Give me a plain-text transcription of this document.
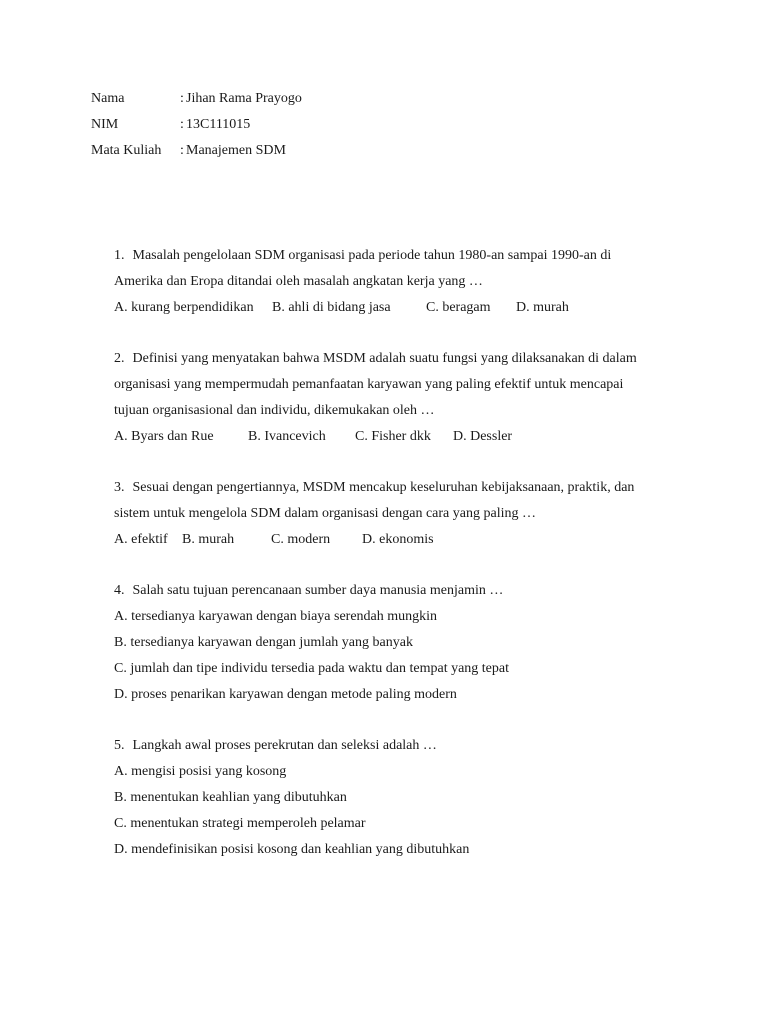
Nama	: Jihan Rama Prayogo
NIM	: 13C111015
Mata Kuliah	: Manajemen SDM
1. Masalah pengelolaan SDM organisasi pada periode tahun 1980-an sampai 1990-an di
Amerika dan Eropa ditandai oleh masalah angkatan kerja yang …
A. kurang berpendidikan B. ahli di bidang jasa	C. beragam D. murah
2. Definisi yang menyatakan bahwa MSDM adalah suatu fungsi yang dilaksanakan di dalam
organisasi yang mempermudah pemanfaatan karyawan yang paling efektif untuk mencapai
tujuan organisasional dan individu, dikemukakan oleh …
A. Byars dan Rue B. Ivancevich C. Fisher dkk D. Dessler
3. Sesuai dengan pengertiannya, MSDM mencakup keseluruhan kebijaksanaan, praktik, dan
sistem untuk mengelola SDM dalam organisasi dengan cara yang paling …
A. efektif B. murah	C. modern D. ekonomis
4. Salah satu tujuan perencanaan sumber daya manusia menjamin …
A. tersedianya karyawan dengan biaya serendah mungkin
B. tersedianya karyawan dengan jumlah yang banyak
C. jumlah dan tipe individu tersedia pada waktu dan tempat yang tepat
D. proses penarikan karyawan dengan metode paling modern
5. Langkah awal proses perekrutan dan seleksi adalah …
A. mengisi posisi yang kosong
B. menentukan keahlian yang dibutuhkan
C. menentukan strategi memperoleh pelamar
D. mendefinisikan posisi kosong dan keahlian yang dibutuhkan
